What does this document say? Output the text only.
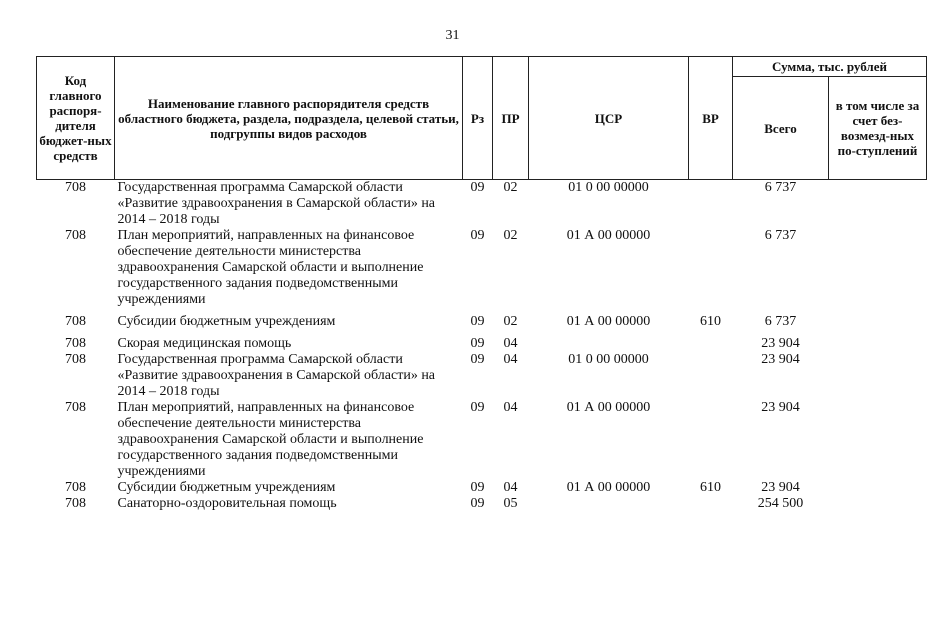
31
Код главного распоря-дителя бюджет-ных средств	Наименование главного распорядителя средств областного бюджета, раздела, подраздела, целевой статьи, подгруппы видов расходов	Рз	ПР	ЦСР	ВР	Сумма, тыс. рублей	
						Всего	в том числе за счет без-возмезд-ных по-ступлений
708	Государственная программа Самарской области «Развитие здравоохранения в Самарской области» на 2014 – 2018 годы	09	02	01 0 00 00000		6 737	
708	План мероприятий, направленных на финансовое обеспечение деятельности министерства здравоохранения Самарской области и выполнение государственного задания подведомственными учреждениями	09	02	01 А 00 00000		6 737	
708	Субсидии бюджетным учреждениям	09	02	01 А 00 00000	610	6 737	
708	Скорая медицинская помощь	09	04			23 904	
708	Государственная программа Самарской области «Развитие здравоохранения в Самарской области» на 2014 – 2018 годы	09	04	01 0 00 00000		23 904	
708	План мероприятий, направленных на финансовое обеспечение деятельности министерства здравоохранения Самарской области и выполнение государственного задания подведомственными учреждениями	09	04	01 А 00 00000		23 904	
708	Субсидии бюджетным учреждениям	09	04	01 А 00 00000	610	23 904	
708	Санаторно-оздоровительная помощь	09	05			254 500	
